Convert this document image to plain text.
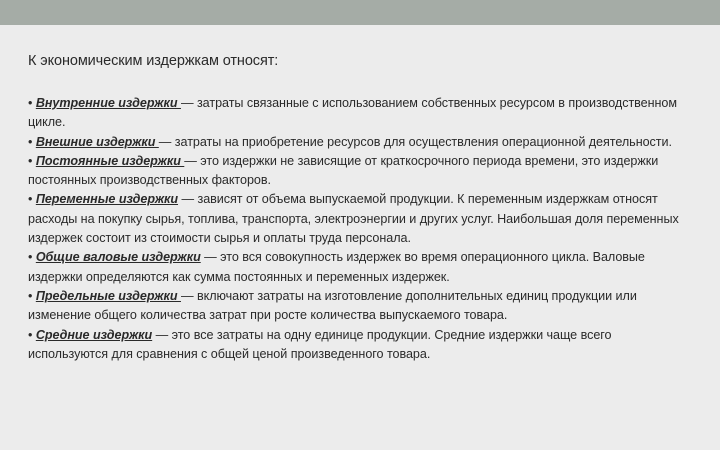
К экономическим издержкам относят:

• Внутренние издержки — затраты связанные с использованием собственных ресурсом в производственном цикле.

• Внешние издержки — затраты на приобретение ресурсов для осуществления операционной деятельности.

• Постоянные издержки — это издержки не зависящие от краткосрочного периода времени, это издержки постоянных производственных факторов.

• Переменные издержки — зависят от объема выпускаемой продукции. К переменным издержкам относят расходы на покупку сырья, топлива, транспорта, электроэнергии и других услуг. Наибольшая доля переменных издержек состоит из стоимости сырья и оплаты труда персонала.

• Общие валовые издержки — это вся совокупность издержек во время операционного цикла. Валовые издержки определяются как сумма постоянных и переменных издержек.

• Предельные издержки — включают затраты на изготовление дополнительных единиц продукции или изменение общего количества затрат при росте количества выпускаемого товара.

• Средние издержки — это все затраты на одну единице продукции. Средние издержки чаще всего используются для сравнения с общей ценой произведенного товара.
